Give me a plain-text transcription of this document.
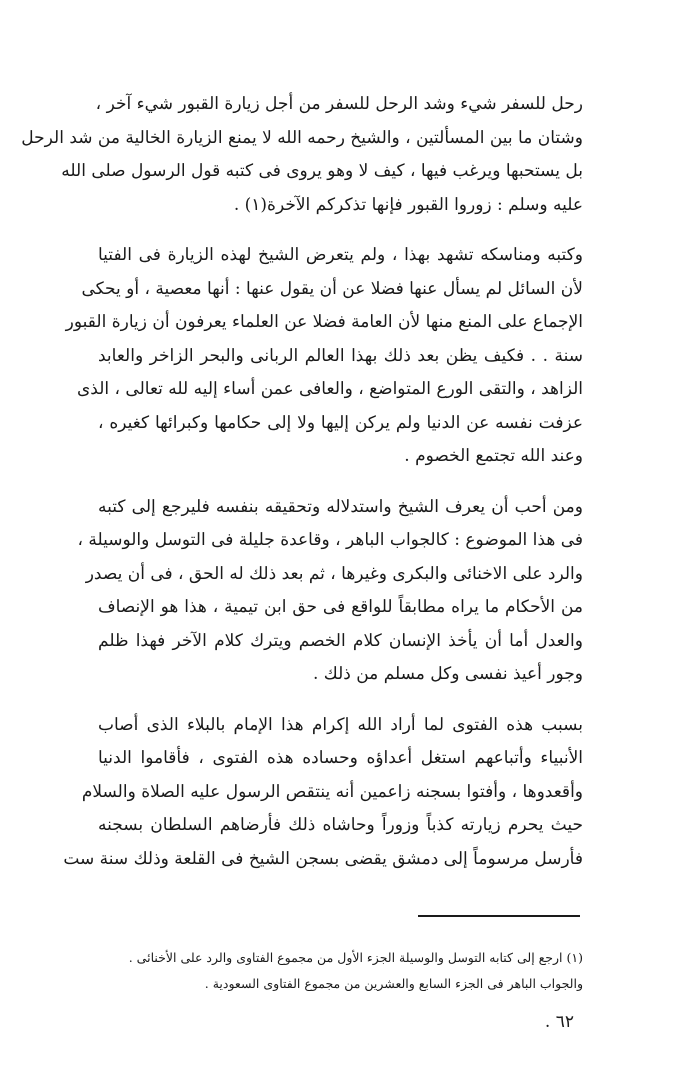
رحل للسفر شيء وشد الرحل للسفر من أجل زيارة القبور شيء آخر ،
وشتان ما بين المسألتين ، والشيخ رحمه الله لا يمنع الزيارة الخالية من شد الرحل
بل يستحبها ويرغب فيها ، كيف لا وهو يروى فى كتبه قول الرسول صلى الله
عليه وسلم : زوروا القبور فإنها تذكركم الآخرة(١) .

وكتبه ومناسكه تشهد بهذا ، ولم يتعرض الشيخ لهذه الزيارة فى الفتيا
لأن السائل لم يسأل عنها فضلا عن أن يقول عنها : أنها معصية ، أو يحكى
الإجماع على المنع منها لأن العامة فضلا عن العلماء يعرفون أن زيارة القبور
سنة . . فكيف يظن بعد ذلك بهذا العالم الربانى والبحر الزاخر والعابد
الزاهد ، والتقى الورع المتواضع ، والعافى عمن أساء إليه لله تعالى ، الذى
عزفت نفسه عن الدنيا ولم يركن إليها ولا إلى حكامها وكبرائها كغيره ،
وعند الله تجتمع الخصوم .

ومن أحب أن يعرف الشيخ واستدلاله وتحقيقه بنفسه فليرجع إلى كتبه
فى هذا الموضوع : كالجواب الباهر ، وقاعدة جليلة فى التوسل والوسيلة ،
والرد على الاخنائى والبكرى وغيرها ، ثم بعد ذلك له الحق ، فى أن يصدر
من الأحكام ما يراه مطابقاً للواقع فى حق ابن تيمية ، هذا هو الإنصاف
والعدل أما أن يأخذ الإنسان كلام الخصم ويترك كلام الآخر فهذا ظلم
وجور أعيذ نفسى وكل مسلم من ذلك .

بسبب هذه الفتوى لما أراد الله إكرام هذا الإمام بالبلاء الذى أصاب
الأنبياء وأتباعهم استغل أعداؤه وحساده هذه الفتوى ، فأقاموا الدنيا
وأقعدوها ، وأفتوا بسجنه زاعمين أنه ينتقص الرسول عليه الصلاة والسلام
حيث يحرم زيارته كذباً وزوراً وحاشاه ذلك فأرضاهم السلطان بسجنه
فأرسل مرسوماً إلى دمشق يقضى بسجن الشيخ فى القلعة وذلك سنة ست

(١) ارجع إلى كتابه التوسل والوسيلة الجزء الأول من مجموع الفتاوى والرد على الأخنائى .
والجواب الباهر فى الجزء السابع والعشرين من مجموع الفتاوى السعودية .
٦٢ .
